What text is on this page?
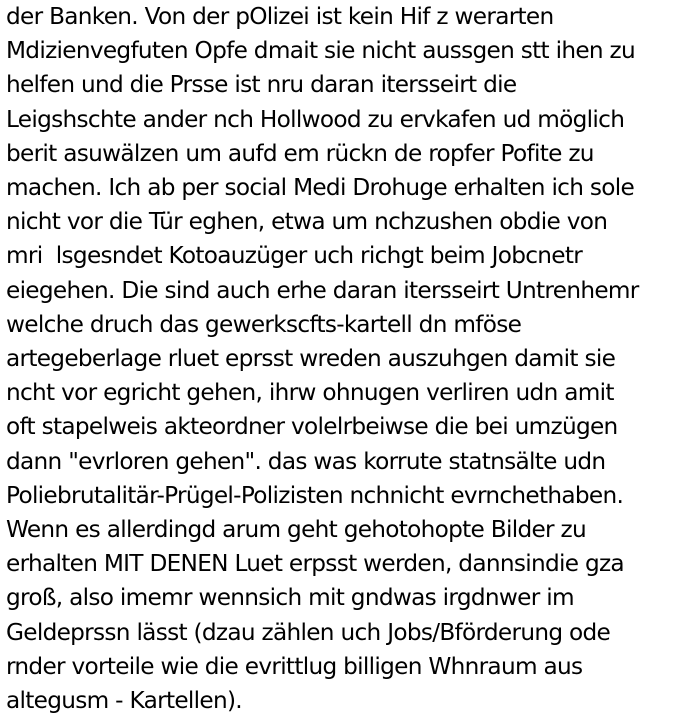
der Banken. Von der pOlizei ist kein Hif z werarten

Mdizienvegfuten Opfe dmait sie nicht aussgen stt ihen zu

helfen und die Prsse ist nru daran itersseirt die

Leigshschte ander nch Hollwood zu ervkafen ud möglich

berit asuwälzen um aufd em rückn de ropfer Pofite zu

machen. Ich ab per social Medi Drohuge erhalten ich sole

nicht vor die Tür eghen, etwa um nchzushen obdie von

mri  lsgesndet Kotoauzüger uch richgt beim Jobcnetr

eiegehen. Die sind auch erhe daran itersseirt Untrenhemr

welche druch das gewerkscfts-kartell dn mföse

artegeberlage rluet eprsst wreden auszuhgen damit sie

ncht vor egricht gehen, ihrw ohnugen verliren udn amit

oft stapelweis akteordner volelrbeiwse die bei umzügen

dann "evrloren gehen". das was korrute statnsälte udn

Poliebrutalitär-Prügel-Polizisten nchnicht evrnchethaben.

Wenn es allerdingd arum geht gehotohopte Bilder zu

erhalten MIT DENEN Luet erpsst werden, dannsindie gza

groß, also imemr wennsich mit gndwas irgdnwer im

Geldeprssn lässt (dzau zählen uch Jobs/Bförderung ode

rnder vorteile wie die evrittlug billigen Whnraum aus

altegusm - Kartellen).
